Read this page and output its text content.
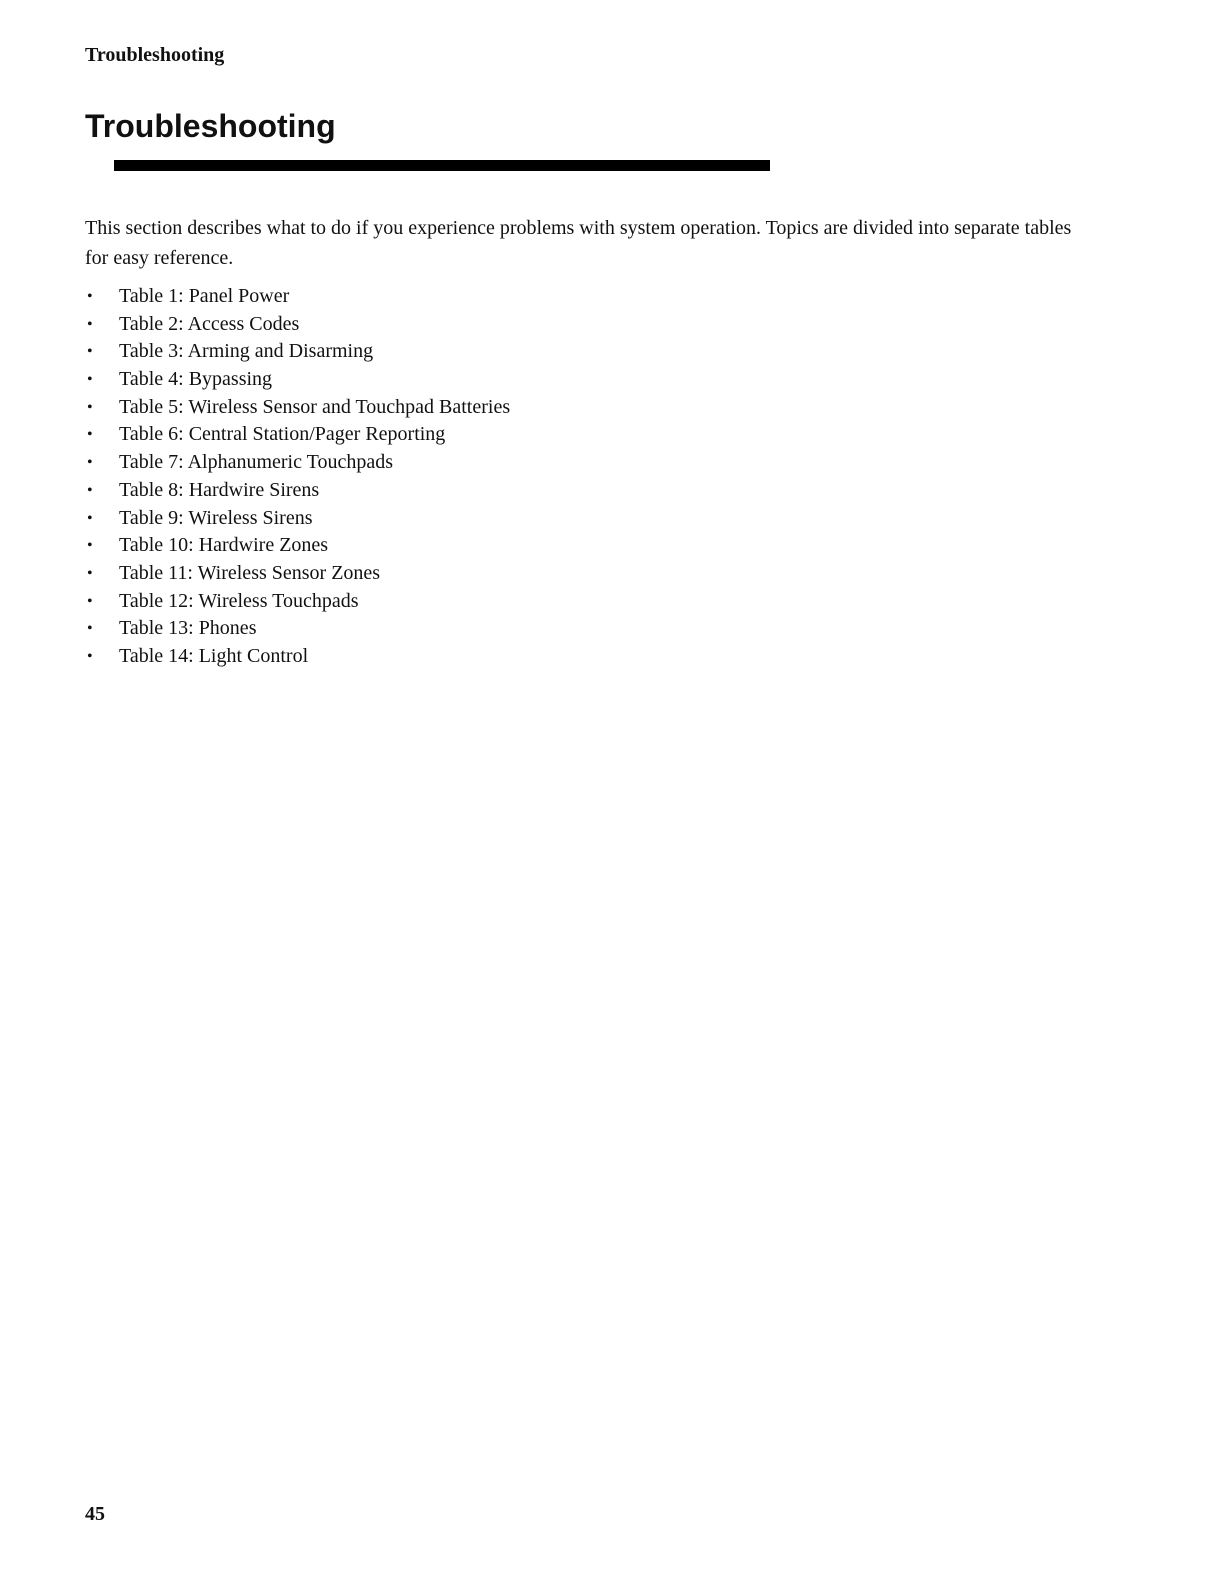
Troubleshooting
Troubleshooting

This section describes what to do if you experience problems with system operation. Topics are divided into separate tables for easy reference.

• Table 1: Panel Power
• Table 2: Access Codes
• Table 3: Arming and Disarming
• Table 4: Bypassing
• Table 5: Wireless Sensor and Touchpad Batteries
• Table 6: Central Station/Pager Reporting
• Table 7: Alphanumeric Touchpads
• Table 8: Hardwire Sirens
• Table 9: Wireless Sirens
• Table 10: Hardwire Zones
• Table 11: Wireless Sensor Zones
• Table 12: Wireless Touchpads
• Table 13: Phones
• Table 14: Light Control
45
